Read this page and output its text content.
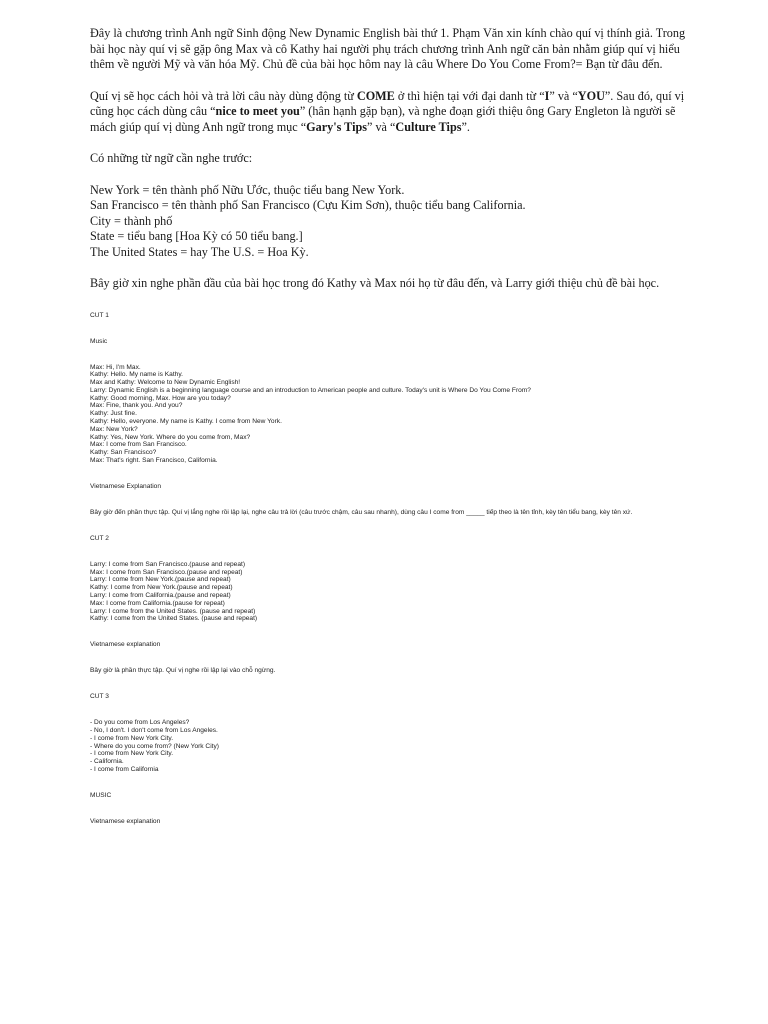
Đây là chương trình Anh ngữ Sinh động New Dynamic English bài thứ 1. Phạm Văn xin kính chào quí vị thính giả. Trong bài học này quí vị sẽ gặp ông Max và cô Kathy hai người phụ trách chương trình Anh ngữ căn bản nhằm giúp quí vị hiểu thêm về người Mỹ và văn hóa Mỹ. Chủ đề của bài học hôm nay là câu Where Do You Come From?= Bạn từ đâu đến.

Quí vị sẽ học cách hỏi và trả lời câu này dùng động từ COME ở thì hiện tại với đại danh từ “I” và “YOU”. Sau đó, quí vị cũng học cách dùng câu “nice to meet you” (hân hạnh gặp bạn), và nghe đoạn giới thiệu ông Gary Engleton là người sẽ mách giúp quí vị dùng Anh ngữ trong mục “Gary's Tips” và “Culture Tips”.

Có những từ ngữ cần nghe trước:

New York = tên thành phố Nữu Ước, thuộc tiểu bang New York.

San Francisco = tên thành phố San Francisco (Cựu Kim Sơn), thuộc tiểu bang California.

City = thành phố

State = tiểu bang [Hoa Kỳ có 50 tiểu bang.]

The United States = hay The U.S. = Hoa Kỳ.

Bây giờ xin nghe phần đầu của bài học trong đó Kathy và Max nói họ từ đâu đến, và Larry giới thiệu chủ đề bài học.

CUT 1

Music

Max: Hi, I'm Max.
Kathy: Hello. My name is Kathy.
Max and Kathy: Welcome to New Dynamic English!
Larry: Dynamic English is a beginning language course and an introduction to American people and culture. Today's unit is Where Do You Come From?
Kathy: Good morning, Max. How are you today?
Max: Fine, thank you. And you?
Kathy: Just fine.
Kathy: Hello, everyone. My name is Kathy. I come from New York.
Max: New York?
Kathy: Yes, New York. Where do you come from, Max?
Max: I come from San Francisco.
Kathy: San Francisco?
Max: That's right. San Francisco, California.

Vietnamese Explanation

Bây giờ đến phần thực tập. Quí vị lắng nghe rồi lập lại, nghe câu trả lời (câu trước chậm, câu sau nhanh), dùng câu I come from _____ tiếp theo là tên tỉnh, kèy tên tiểu bang, kèy tên xứ.

CUT 2

Larry: I come from San Francisco.(pause and repeat)
Max: I come from San Francisco.(pause and repeat)
Larry: I come from New York.(pause and repeat)
Kathy: I come from New York.(pause and repeat)
Larry: I come from California.(pause and repeat)
Max: I come from California.(pause for repeat)
Larry: I come from the United States. (pause and repeat)
Kathy: I come from the United States. (pause and repeat)

Vietnamese explanation

Bây giờ là phần thực tập. Quí vị nghe rồi lập lại vào chỗ ngừng.

CUT 3

- Do you come from Los Angeles?
- No, I don't. I don't come from Los Angeles.
- I come from New York City.
- Where do you come from? (New York City)
- I come from New York City.
- California.
- I come from California

MUSIC

Vietnamese explanation
